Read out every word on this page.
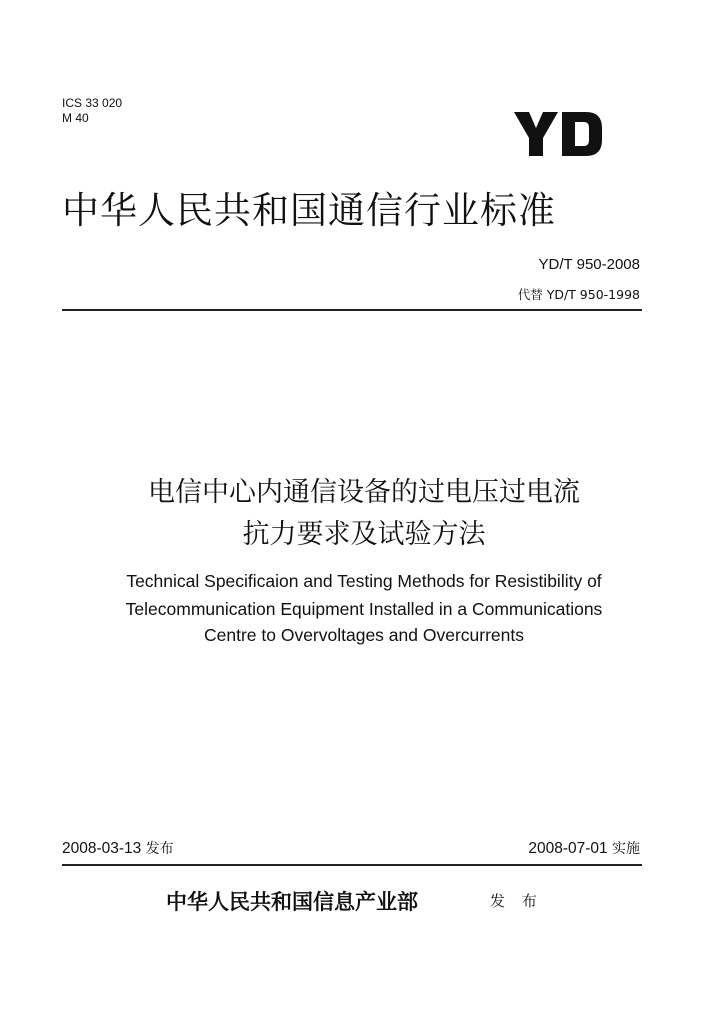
ICS 33 020
M 40
中华人民共和国通信行业标准
YD/T 950-2008
代替 YD/T 950-1998
电信中心内通信设备的过电压过电流
抗力要求及试验方法
Technical Specificaion and Testing Methods for Resistibility of
Telecommunication Equipment Installed in a Communications
Centre to Overvoltages and Overcurrents
2008-03-13 发布	2008-07-01 实施
中华人民共和国信息产业部	发 布
